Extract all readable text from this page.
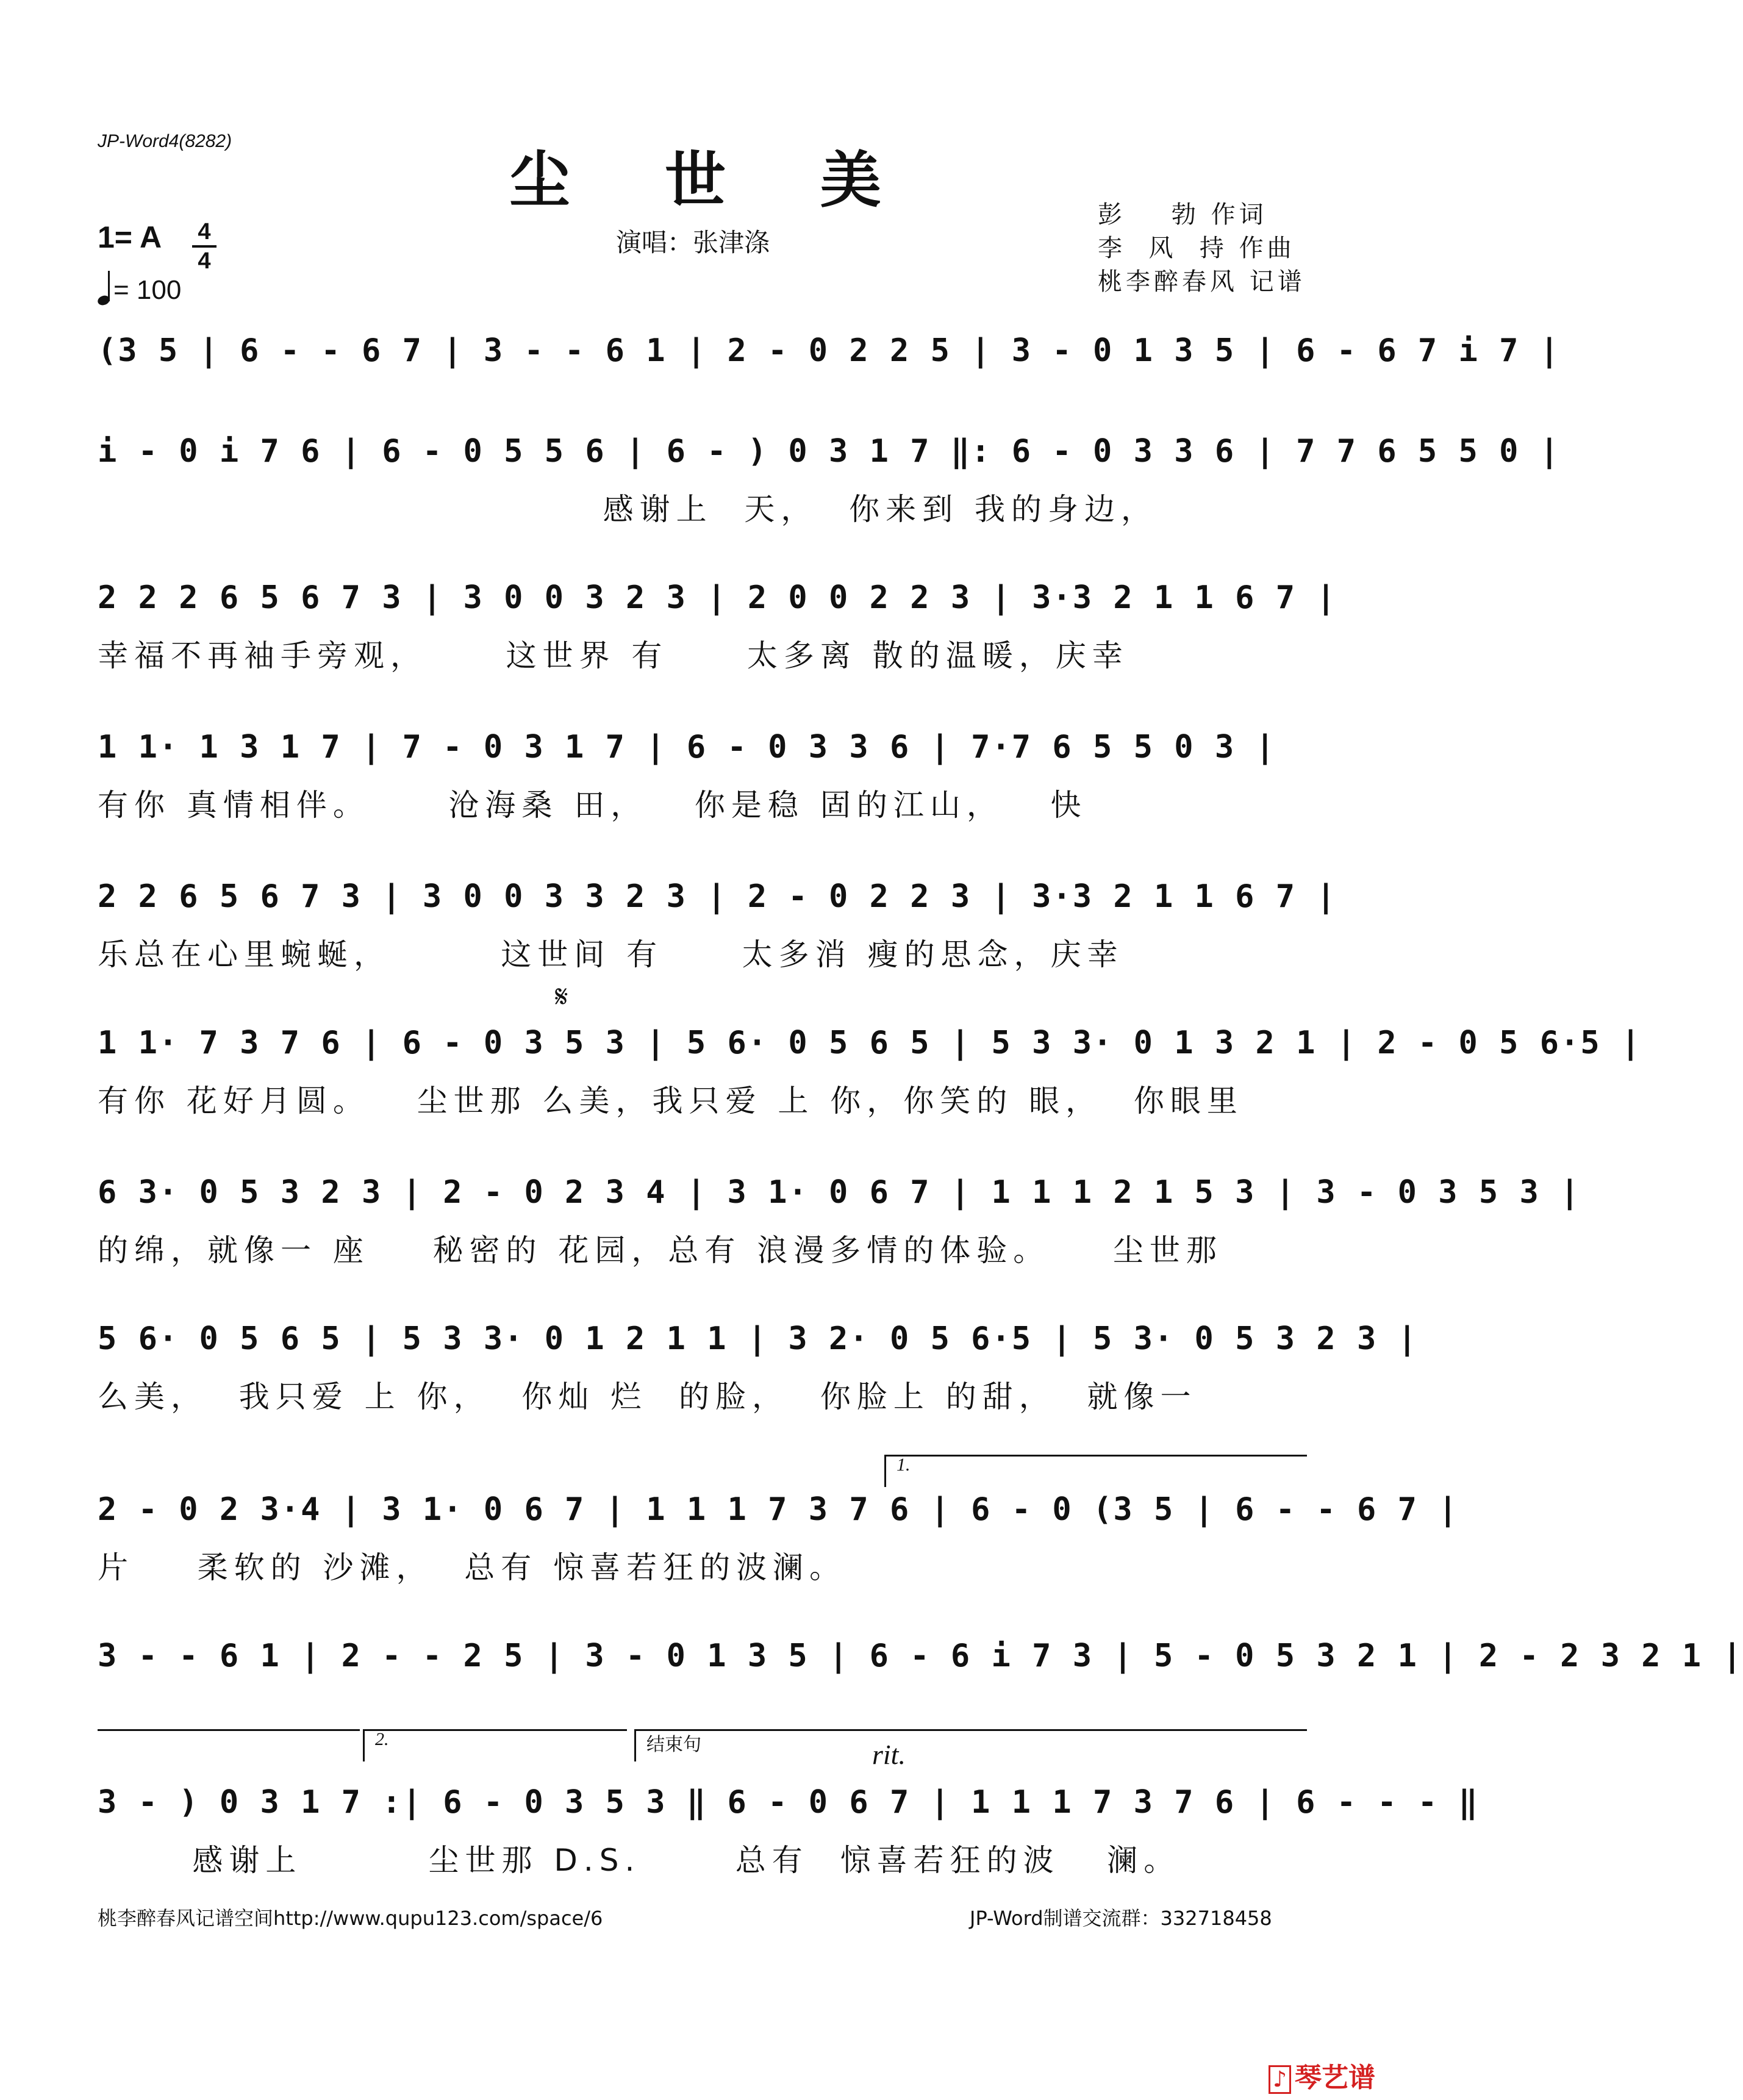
JP-Word4(8282)
尘 世 美
1= A 4
4
= 100
演唱：张津涤
彭    勃 作词
李  风  持 作曲
桃李醉春风 记谱
(3 5 | 6 - - 6 7 | 3 - - 6 1 | 2 - 0 2 2 5 | 3 - 0 1 3 5 | 6 - 6 7 i 7 |
i - 0 i 7 6 | 6 - 0 5 5 6 | 6 - ) 0 3 1 7 ‖: 6 - 0 3 3 6 | 7 7 6 5 5 0 |
感谢上  天，  你来到 我的身边，
2 2 2 6 5 6 7 3 | 3 0 0 3 2 3 | 2 0 0 2 2 3 | 3·3 2 1 1 6 7 |
幸福不再袖手旁观，     这世界 有     太多离 散的温暖，庆幸
1 1· 1 3 1 7 | 7 - 0 3 1 7 | 6 - 0 3 3 6 | 7·7 6 5 5 0 3 |
有你 真情相伴。     沧海桑 田，   你是稳 固的江山，   快
2 2 6 5 6 7 3 | 3 0 0 3 3 2 3 | 2 - 0 2 2 3 | 3·3 2 1 1 6 7 |
乐总在心里蜿蜒，       这世间 有     太多消 瘦的思念，庆幸
𝄋
1 1· 7 3 7 6 | 6 - 0 3 5 3 | 5 6· 0 5 6 5 | 5 3 3· 0 1 3 2 1 | 2 - 0 5 6·5 |
有你 花好月圆。   尘世那 么美，我只爱 上 你，你笑的 眼，  你眼里
6 3· 0 5 3 2 3 | 2 - 0 2 3 4 | 3 1· 0 6 7 | 1 1 1 2 1 5 3 | 3 - 0 3 5 3 |
的绵，就像一 座    秘密的 花园，总有 浪漫多情的体验。    尘世那
5 6· 0 5 6 5 | 5 3 3· 0 1 2 1 1 | 3 2· 0 5 6·5 | 5 3· 0 5 3 2 3 |
么美，  我只爱 上 你，  你灿 烂  的脸，  你脸上 的甜，  就像一
1.
2 - 0 2 3·4 | 3 1· 0 6 7 | 1 1 1 7 3 7 6 | 6 - 0 (3 5 | 6 - - 6 7 |
片    柔软的 沙滩，  总有 惊喜若狂的波澜。
3 - - 6 1 | 2 - - 2 5 | 3 - 0 1 3 5 | 6 - 6 i 7 3 | 5 - 0 5 3 2 1 | 2 - 2 3 2 1 |
2.	结束句	rit.
3 - ) 0 3 1 7 :| 6 - 0 3 5 3 ‖ 6 - 0 6 7 | 1 1 1 7 3 7 6 | 6 - - - ‖
感谢上        尘世那 D.S.      总有  惊喜若狂的波   澜。
桃李醉春风记谱空间http://www.qupu123.com/space/6	JP-Word制谱交流群：332718458
♪ 琴艺谱
